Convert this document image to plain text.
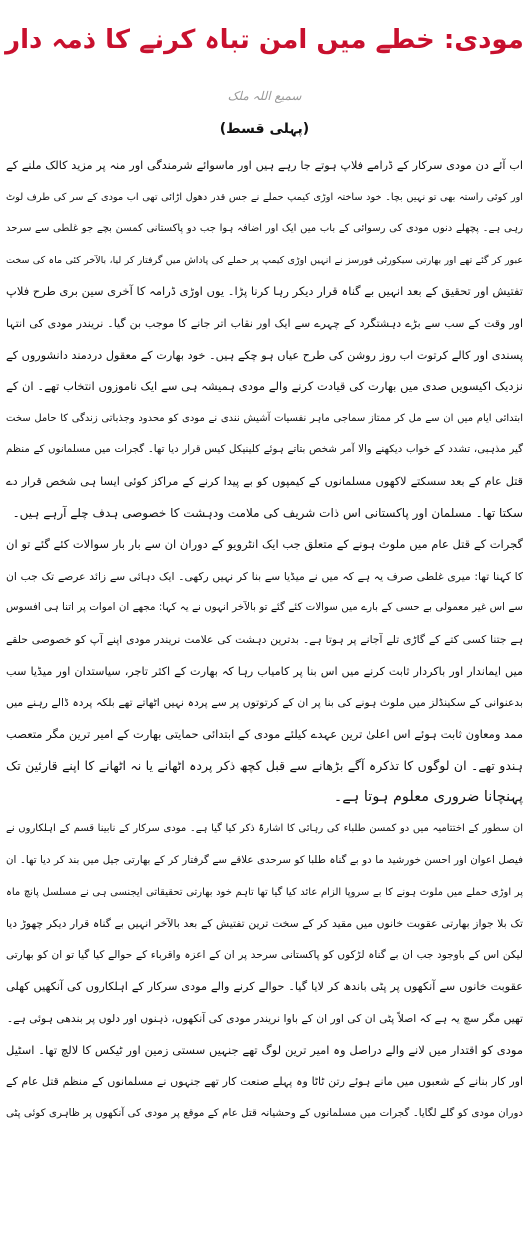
مودی: خطے میں امن تباہ کرنے کا ذمہ دار
سمیع اللہ ملک
(پہلی قسط)
اب آئے دن مودی سرکار کے ڈرامے فلاپ ہوتے جا رہے ہیں اور ماسوائے شرمندگی اور منہ پر مزید کالک ملنے کے
اور کوئی راستہ بھی تو نہیں بچا۔ خود ساختہ اوڑی کیمپ حملے نے جس قدر دھول اڑائی تھی اب مودی کے سر کی طرف لوٹ
رہی ہے۔ پچھلے دنوں مودی کی رسوائی کے باب میں ایک اور اضافہ ہوا جب دو پاکستانی کمسن بچے جو غلطی سے سرحد
عبور کر گئے تھے اور بھارتی سیکورٹی فورسز نے انہیں اوڑی کیمپ پر حملے کی پاداش میں گرفتار کر لیا، بالآخر کئی ماہ کی سخت
تفتیش اور تحقیق کے بعد انہیں بے گناہ قرار دیکر رہا کرنا پڑا۔ یوں اوڑی ڈرامہ کا آخری سین بری طرح فلاپ
اور وقت کے سب سے بڑے دہشتگرد کے چہرے سے ایک اور نقاب اتر جانے کا موجب بن گیا۔ نریندر مودی کی انتہا
پسندی اور کالے کرتوت اب روز روشن کی طرح عیاں ہو چکے ہیں۔ خود بھارت کے معقول دردمند دانشوروں کے
نزدیک اکیسویں صدی میں بھارت کی قیادت کرنے والے مودی ہمیشہ ہی سے ایک ناموزوں انتخاب تھے۔ ان کے
ابتدائی ایام میں ان سے مل کر ممتاز سماجی ماہر نفسیات آشیش نندی نے مودی کو محدود وجذباتی زندگی کا حامل سخت
گیر مذہبی، تشدد کے خواب دیکھنے والا آمر شخص بتاتے ہوئے کلینیکل کیس قرار دیا تھا۔ گجرات میں مسلمانوں کے منظم
قتل عام کے بعد سسکتے لاکھوں مسلمانوں کے کیمپوں کو بے پیدا کرنے کے مراکز کوئی ایسا ہی شخص قرار دے
سکتا تھا۔ مسلمان اور پاکستانی اس ذات شریف کی ملامت ودہشت کا خصوصی ہدف چلے آرہے ہیں۔
گجرات کے قتل عام میں ملوث ہونے کے متعلق جب ایک انٹرویو کے دوران ان سے بار بار سوالات کئے گئے تو ان
کا کہنا تھا: میری غلطی صرف یہ ہے کہ میں نے میڈیا سے بنا کر نہیں رکھی۔ ایک دہائی سے زائد عرصے تک جب ان
سے اس غیر معمولی بے حسی کے بارے میں سوالات کئے گئے تو بالآخر انہوں نے یہ کہا: مجھے ان اموات پر اتنا ہی افسوس
ہے جتنا کسی کتے کے گاڑی تلے آجانے پر ہوتا ہے۔ بدترین دہشت کی علامت نریندر مودی اپنے آپ کو خصوصی حلقے
میں ایماندار اور باکردار ثابت کرنے میں اس بنا پر کامیاب رہا کہ بھارت کے اکثر تاجر، سیاستدان اور میڈیا سب
بدعنوانی کے سکینڈلز میں ملوث ہونے کی بنا پر ان کے کرتوتوں پر سے پردہ نہیں اٹھاتے تھے بلکہ پردہ ڈالے رہنے میں
ممد ومعاون ثابت ہوئے اس اعلیٰ ترین عہدے کیلئے مودی کے ابتدائی حمایتی بھارت کے امیر ترین مگر متعصب
ہندو تھے۔ ان لوگوں کا تذکرہ آگے بڑھانے سے قبل کچھ ذکر پردہ اٹھانے یا نہ اٹھانے کا اپنے قارئین تک
پہنچانا ضروری معلوم ہوتا ہے۔
ان سطور کے اختتامیہ میں دو کمسن طلباء کی رہائی کا اشارۃً ذکر کیا گیا ہے۔ مودی سرکار کے نابینا قسم کے اہلکاروں نے
فیصل اعوان اور احسن خورشید ما دو بے گناہ طلبا کو سرحدی علاقے سے گرفتار کر کے بھارتی جیل میں بند کر دیا تھا۔ ان
پر اوڑی حملے میں ملوث ہونے کا بے سروپا الزام عائد کیا گیا تھا تاہم خود بھارتی تحقیقاتی ایجنسی ہی نے مسلسل پانچ ماہ
تک بلا جواز بھارتی عقوبت خانوں میں مقید کر کے سخت ترین تفتیش کے بعد بالآخر انہیں بے گناہ قرار دیکر چھوڑ دیا
لیکن اس کے باوجود جب ان بے گناہ لڑکوں کو پاکستانی سرحد پر ان کے اعزہ واقرباء کے حوالے کیا گیا تو ان کو بھارتی
عقوبت خانوں سے آنکھوں پر پٹی باندھ کر لایا گیا۔ حوالے کرنے والے مودی سرکار کے اہلکاروں کی آنکھیں کھلی
تھیں مگر سچ یہ ہے کہ اصلاً پٹی ان کی اور ان کے باوا نریندر مودی کی آنکھوں، ذہنوں اور دلوں پر بندھی ہوئی ہے۔
مودی کو اقتدار میں لانے والے دراصل وہ امیر ترین لوگ تھے جنہیں سستی زمین اور ٹیکس کا لالچ تھا۔ اسٹیل
اور کار بنانے کے شعبوں میں مانے ہوئے رتن ٹاٹا وہ پہلے صنعت کار تھے جنہوں نے مسلمانوں کے منظم قتل عام کے
دوران مودی کو گلے لگایا۔ گجرات میں مسلمانوں کے وحشیانہ قتل عام کے موقع پر مودی کی آنکھوں پر ظاہری کوئی پٹی
